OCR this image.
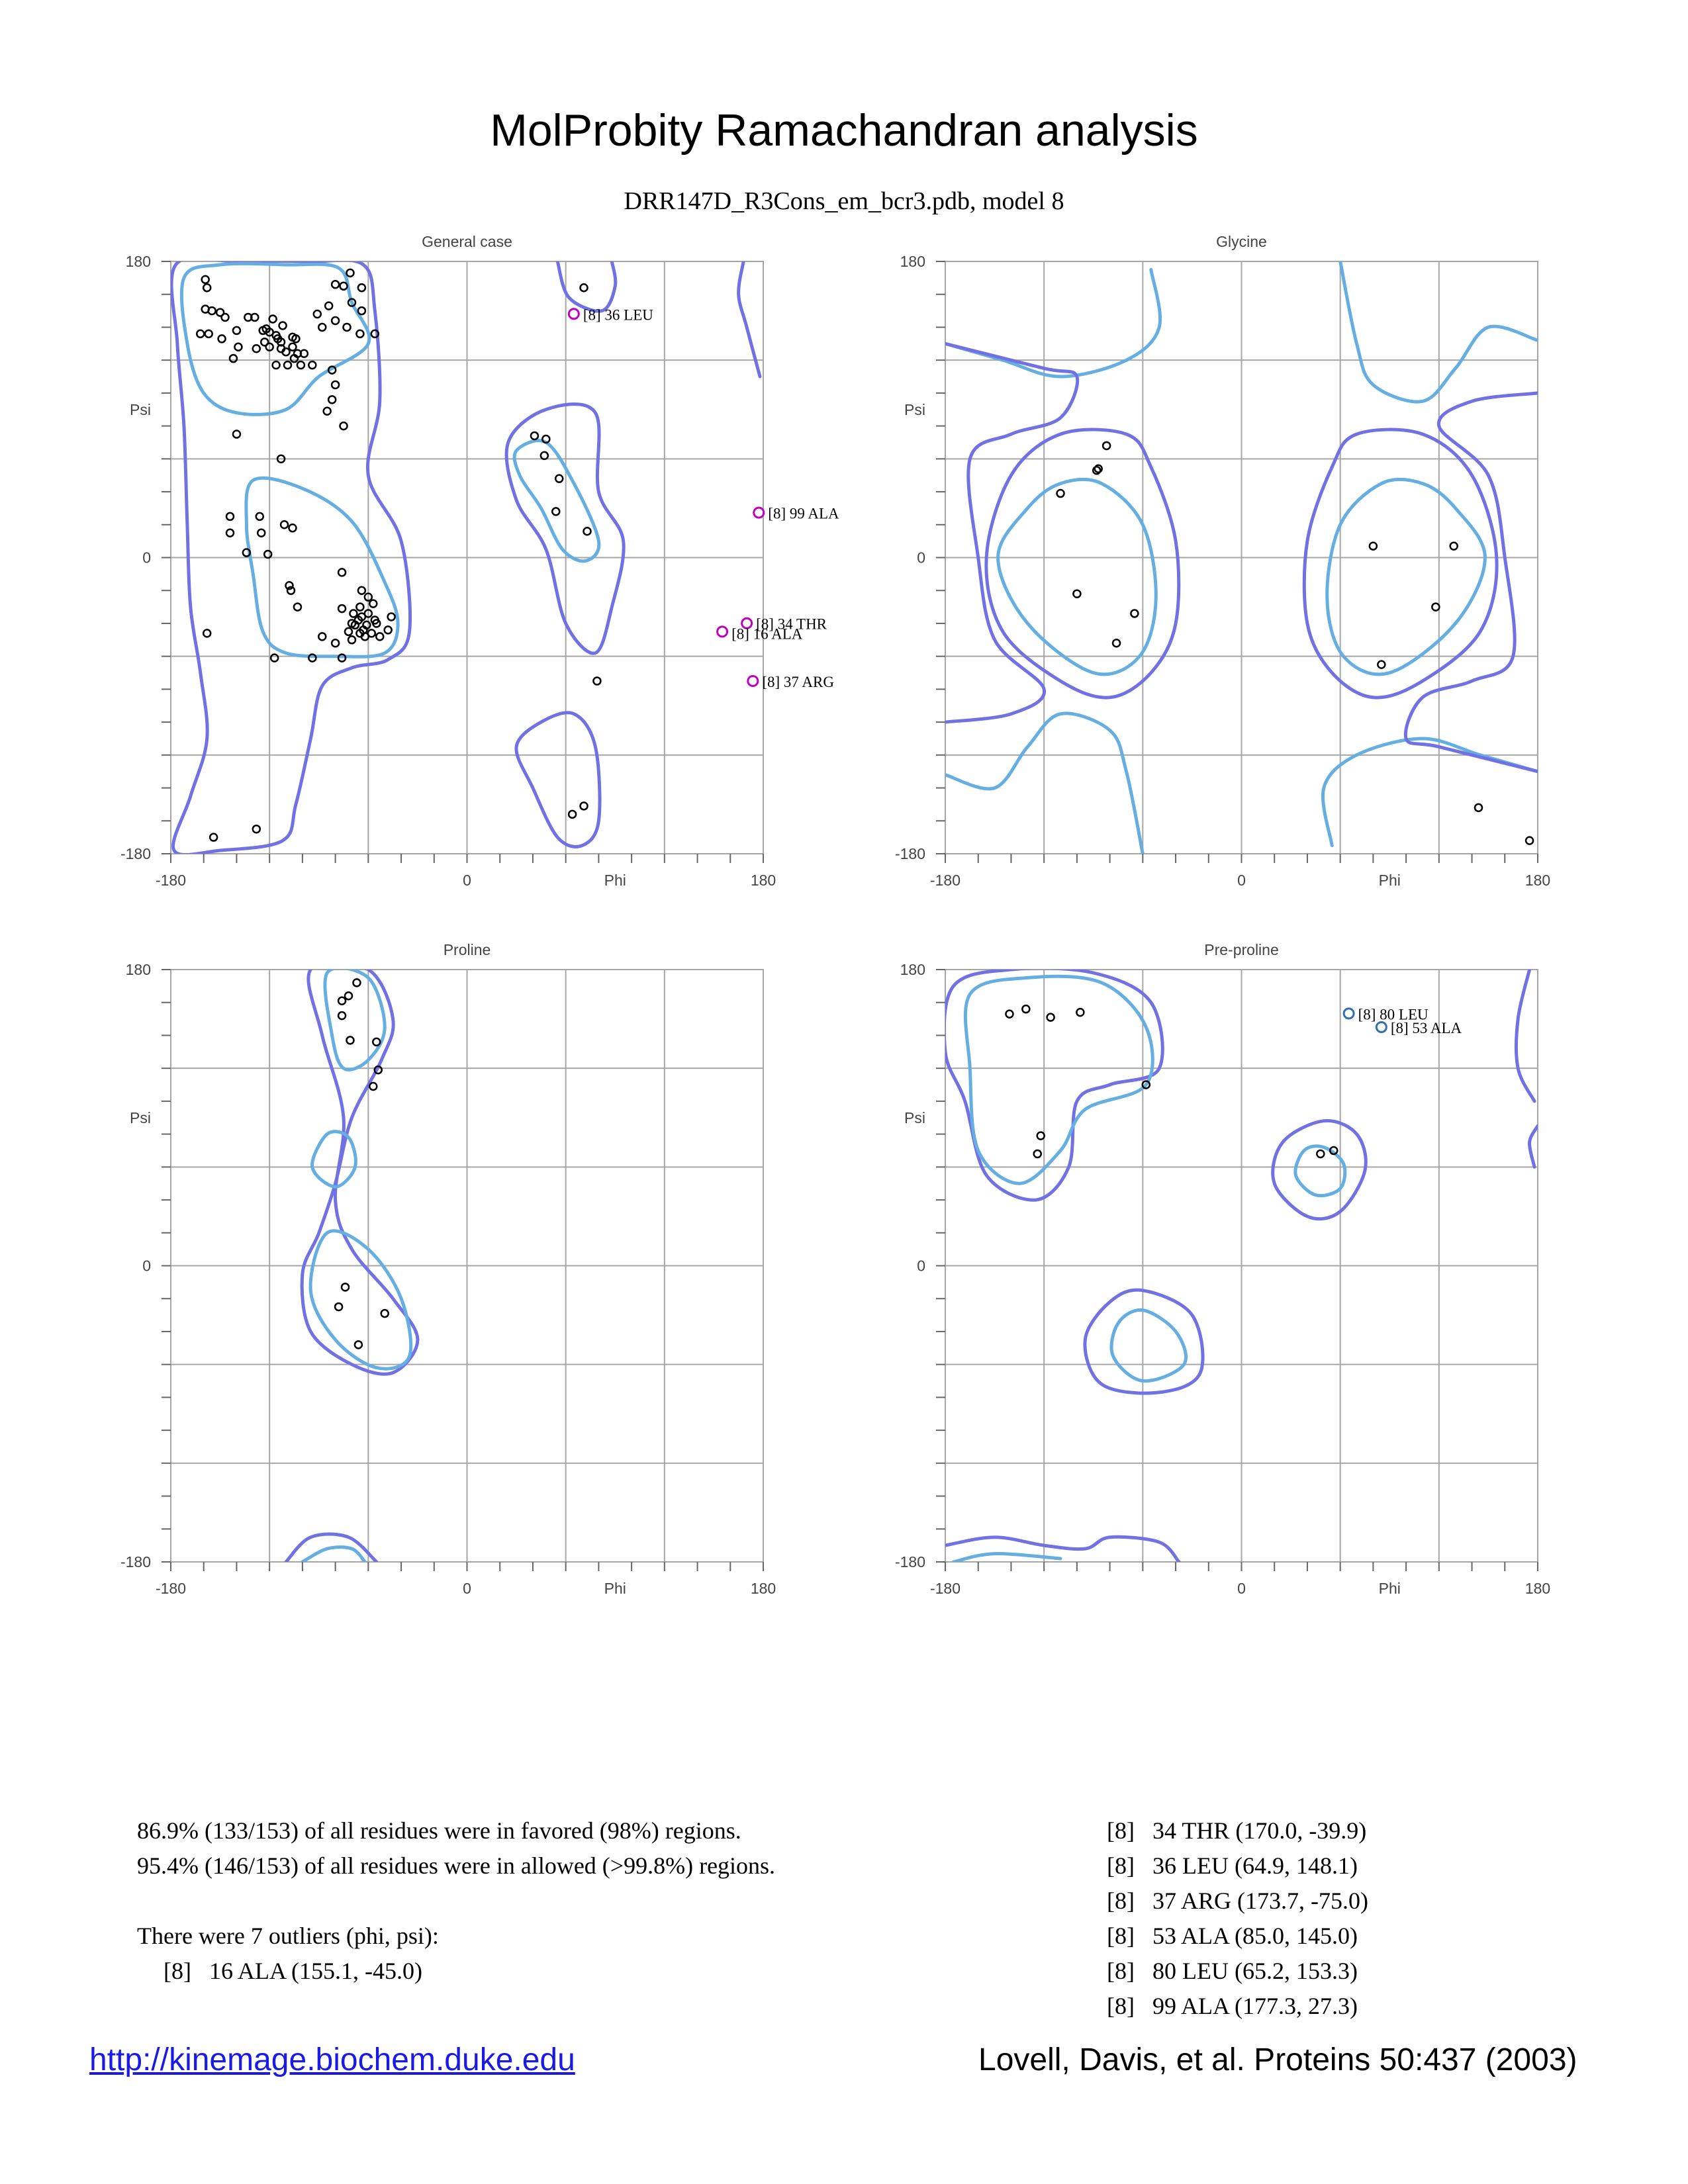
MolProbity Ramachandran analysis
DRR147D_R3Cons_em_bcr3.pdb, model 8
General case
-180	0	Phi	180
180
Psi
0
-180
[8] 36 LEU
[8] 99 ALA
[8] 34 THR
[8] 16 ALA
[8] 37 ARG
Glycine
-180	0	Phi	180
180
Psi
0
-180
Proline
-180	0	Phi	180
180
Psi
0
-180
Pre-proline
-180	0	Phi	180
180
Psi
0
-180
[8] 80 LEU
[8] 53 ALA
86.9% (133/153) of all residues were in favored (98%) regions.
95.4% (146/153) of all residues were in allowed (>99.8%) regions.
There were 7 outliers (phi, psi):
[8]   16 ALA (155.1, -45.0)
[8]   34 THR (170.0, -39.9)
[8]   36 LEU (64.9, 148.1)
[8]   37 ARG (173.7, -75.0)
[8]   53 ALA (85.0, 145.0)
[8]   80 LEU (65.2, 153.3)
[8]   99 ALA (177.3, 27.3)
http://kinemage.biochem.duke.edu	Lovell, Davis, et al. Proteins 50:437 (2003)
